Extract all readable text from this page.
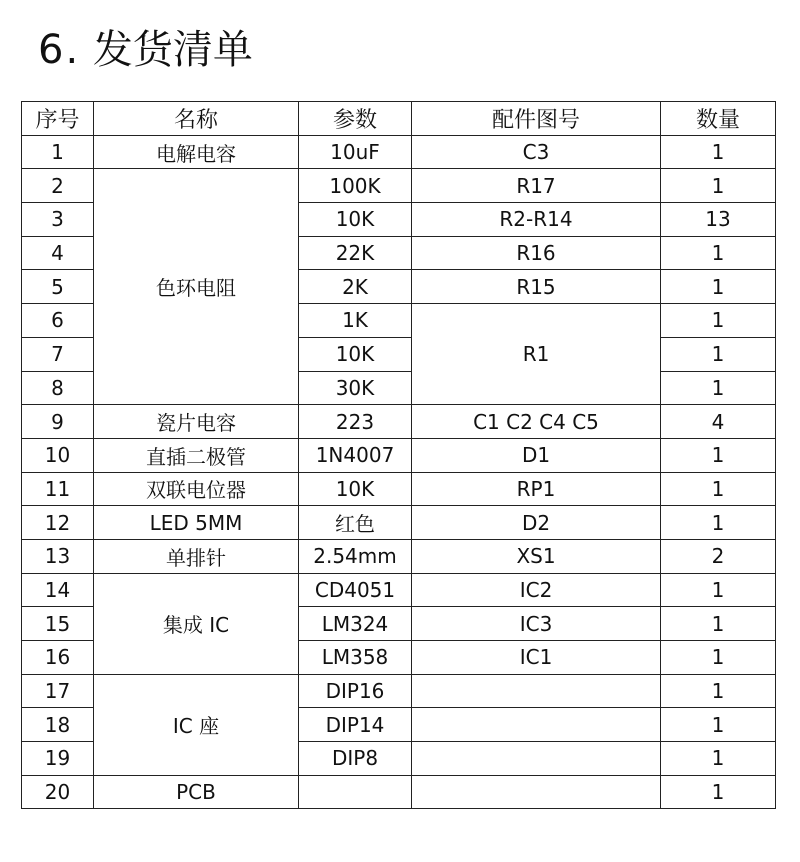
6. 发货清单
序号	名称	参数	配件图号	数量
1	电解电容	10uF	C3	1
2	色环电阻	100K	R17	1
3		10K	R2-R14	13
4		22K	R16	1
5		2K	R15	1
6		1K	R1	1
7		10K		1
8		30K		1
9	瓷片电容	223	C1 C2 C4 C5	4
10	直插二极管	1N4007	D1	1
11	双联电位器	10K	RP1	1
12	LED 5MM	红色	D2	1
13	单排针	2.54mm	XS1	2
14	集成 IC	CD4051	IC2	1
15		LM324	IC3	1
16		LM358	IC1	1
17	IC 座	DIP16		1
18		DIP14		1
19		DIP8		1
20	PCB			1
